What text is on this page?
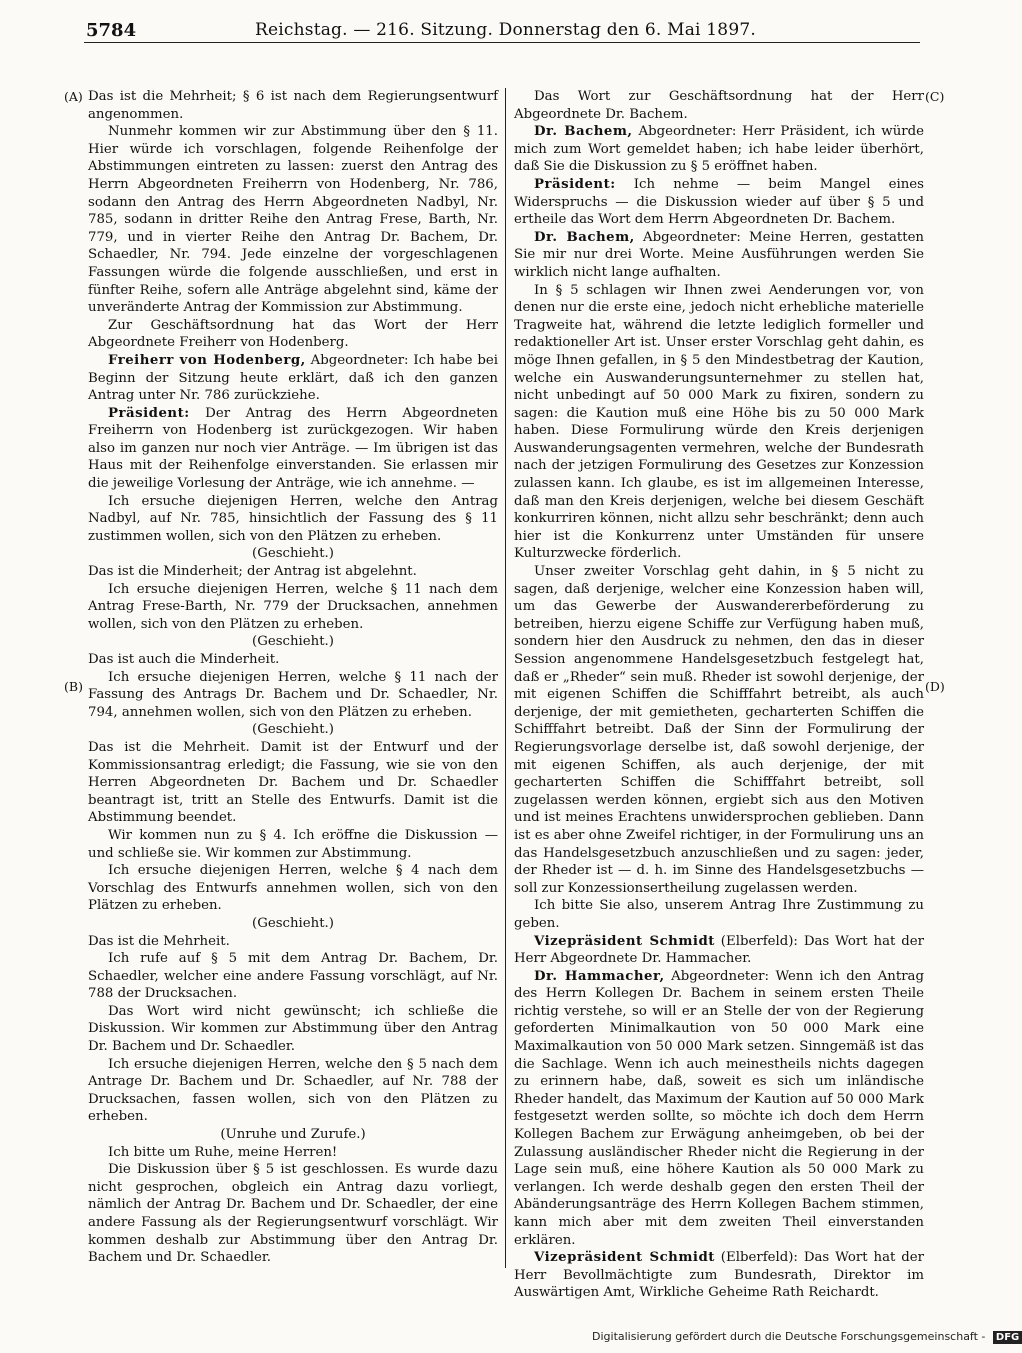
5784	Reichstag. — 216. Sitzung. Donnerstag den 6. Mai 1897.
(A)
(B)
(C)
(D)

Das ist die Mehrheit; § 6 ist nach dem Regierungsentwurf angenommen.

Nunmehr kommen wir zur Abstimmung über den § 11. Hier würde ich vorschlagen, folgende Reihenfolge der Abstimmungen eintreten zu lassen: zuerst den Antrag des Herrn Abgeordneten Freiherrn von Hodenberg, Nr. 786, sodann den Antrag des Herrn Abgeordneten Nadbyl, Nr. 785, sodann in dritter Reihe den Antrag Frese, Barth, Nr. 779, und in vierter Reihe den Antrag Dr. Bachem, Dr. Schaedler, Nr. 794. Jede einzelne der vorgeschlagenen Fassungen würde die folgende ausschließen, und erst in fünfter Reihe, sofern alle Anträge abgelehnt sind, käme der unveränderte Antrag der Kommission zur Abstimmung.

Zur Geschäftsordnung hat das Wort der Herr Abgeordnete Freiherr von Hodenberg.

Freiherr von Hodenberg, Abgeordneter: Ich habe bei Beginn der Sitzung heute erklärt, daß ich den ganzen Antrag unter Nr. 786 zurückziehe.

Präsident: Der Antrag des Herrn Abgeordneten Freiherrn von Hodenberg ist zurückgezogen. Wir haben also im ganzen nur noch vier Anträge. — Im übrigen ist das Haus mit der Reihenfolge einverstanden. Sie erlassen mir die jeweilige Vorlesung der Anträge, wie ich annehme. —

Ich ersuche diejenigen Herren, welche den Antrag Nadbyl, auf Nr. 785, hinsichtlich der Fassung des § 11 zustimmen wollen, sich von den Plätzen zu erheben.

(Geschieht.)

Das ist die Minderheit; der Antrag ist abgelehnt.

Ich ersuche diejenigen Herren, welche § 11 nach dem Antrag Frese-Barth, Nr. 779 der Drucksachen, annehmen wollen, sich von den Plätzen zu erheben.

(Geschieht.)

Das ist auch die Minderheit.

Ich ersuche diejenigen Herren, welche § 11 nach der Fassung des Antrags Dr. Bachem und Dr. Schaedler, Nr. 794, annehmen wollen, sich von den Plätzen zu erheben.

(Geschieht.)

Das ist die Mehrheit. Damit ist der Entwurf und der Kommissionsantrag erledigt; die Fassung, wie sie von den Herren Abgeordneten Dr. Bachem und Dr. Schaedler beantragt ist, tritt an Stelle des Entwurfs. Damit ist die Abstimmung beendet.

Wir kommen nun zu § 4. Ich eröffne die Diskussion — und schließe sie. Wir kommen zur Abstimmung.

Ich ersuche diejenigen Herren, welche § 4 nach dem Vorschlag des Entwurfs annehmen wollen, sich von den Plätzen zu erheben.

(Geschieht.)

Das ist die Mehrheit.

Ich rufe auf § 5 mit dem Antrag Dr. Bachem, Dr. Schaedler, welcher eine andere Fassung vorschlägt, auf Nr. 788 der Drucksachen.

Das Wort wird nicht gewünscht; ich schließe die Diskussion. Wir kommen zur Abstimmung über den Antrag Dr. Bachem und Dr. Schaedler.

Ich ersuche diejenigen Herren, welche den § 5 nach dem Antrage Dr. Bachem und Dr. Schaedler, auf Nr. 788 der Drucksachen, fassen wollen, sich von den Plätzen zu erheben.

(Unruhe und Zurufe.)

Ich bitte um Ruhe, meine Herren!

Die Diskussion über § 5 ist geschlossen. Es wurde dazu nicht gesprochen, obgleich ein Antrag dazu vorliegt, nämlich der Antrag Dr. Bachem und Dr. Schaedler, der eine andere Fassung als der Regierungsentwurf vorschlägt. Wir kommen deshalb zur Abstimmung über den Antrag Dr. Bachem und Dr. Schaedler.

Das Wort zur Geschäftsordnung hat der Herr Abgeordnete Dr. Bachem.

Dr. Bachem, Abgeordneter: Herr Präsident, ich würde mich zum Wort gemeldet haben; ich habe leider überhört, daß Sie die Diskussion zu § 5 eröffnet haben.

Präsident: Ich nehme — beim Mangel eines Widerspruchs — die Diskussion wieder auf über § 5 und ertheile das Wort dem Herrn Abgeordneten Dr. Bachem.

Dr. Bachem, Abgeordneter: Meine Herren, gestatten Sie mir nur drei Worte. Meine Ausführungen werden Sie wirklich nicht lange aufhalten.

In § 5 schlagen wir Ihnen zwei Aenderungen vor, von denen nur die erste eine, jedoch nicht erhebliche materielle Tragweite hat, während die letzte lediglich formeller und redaktioneller Art ist. Unser erster Vorschlag geht dahin, es möge Ihnen gefallen, in § 5 den Mindestbetrag der Kaution, welche ein Auswanderungsunternehmer zu stellen hat, nicht unbedingt auf 50 000 Mark zu fixiren, sondern zu sagen: die Kaution muß eine Höhe bis zu 50 000 Mark haben. Diese Formulirung würde den Kreis derjenigen Auswanderungsagenten vermehren, welche der Bundesrath nach der jetzigen Formulirung des Gesetzes zur Konzession zulassen kann. Ich glaube, es ist im allgemeinen Interesse, daß man den Kreis derjenigen, welche bei diesem Geschäft konkurriren können, nicht allzu sehr beschränkt; denn auch hier ist die Konkurrenz unter Umständen für unsere Kulturzwecke förderlich.

Unser zweiter Vorschlag geht dahin, in § 5 nicht zu sagen, daß derjenige, welcher eine Konzession haben will, um das Gewerbe der Auswandererbeförderung zu betreiben, hierzu eigene Schiffe zur Verfügung haben muß, sondern hier den Ausdruck zu nehmen, den das in dieser Session angenommene Handelsgesetzbuch festgelegt hat, daß er „Rheder“ sein muß. Rheder ist sowohl derjenige, der mit eigenen Schiffen die Schifffahrt betreibt, als auch derjenige, der mit gemietheten, gecharterten Schiffen die Schifffahrt betreibt. Daß der Sinn der Formulirung der Regierungsvorlage derselbe ist, daß sowohl derjenige, der mit eigenen Schiffen, als auch derjenige, der mit gecharterten Schiffen die Schifffahrt betreibt, soll zugelassen werden können, ergiebt sich aus den Motiven und ist meines Erachtens unwidersprochen geblieben. Dann ist es aber ohne Zweifel richtiger, in der Formulirung uns an das Handelsgesetzbuch anzuschließen und zu sagen: jeder, der Rheder ist — d. h. im Sinne des Handelsgesetzbuchs — soll zur Konzessionsertheilung zugelassen werden.

Ich bitte Sie also, unserem Antrag Ihre Zustimmung zu geben.

Vizepräsident Schmidt (Elberfeld): Das Wort hat der Herr Abgeordnete Dr. Hammacher.

Dr. Hammacher, Abgeordneter: Wenn ich den Antrag des Herrn Kollegen Dr. Bachem in seinem ersten Theile richtig verstehe, so will er an Stelle der von der Regierung geforderten Minimalkaution von 50 000 Mark eine Maximalkaution von 50 000 Mark setzen. Sinngemäß ist das die Sachlage. Wenn ich auch meinestheils nichts dagegen zu erinnern habe, daß, soweit es sich um inländische Rheder handelt, das Maximum der Kaution auf 50 000 Mark festgesetzt werden sollte, so möchte ich doch dem Herrn Kollegen Bachem zur Erwägung anheimgeben, ob bei der Zulassung ausländischer Rheder nicht die Regierung in der Lage sein muß, eine höhere Kaution als 50 000 Mark zu verlangen. Ich werde deshalb gegen den ersten Theil der Abänderungsanträge des Herrn Kollegen Bachem stimmen, kann mich aber mit dem zweiten Theil einverstanden erklären.

Vizepräsident Schmidt (Elberfeld): Das Wort hat der Herr Bevollmächtigte zum Bundesrath, Direktor im Auswärtigen Amt, Wirkliche Geheime Rath Reichardt.

Digitalisierung gefördert durch die Deutsche Forschungsgemeinschaft - DFG
